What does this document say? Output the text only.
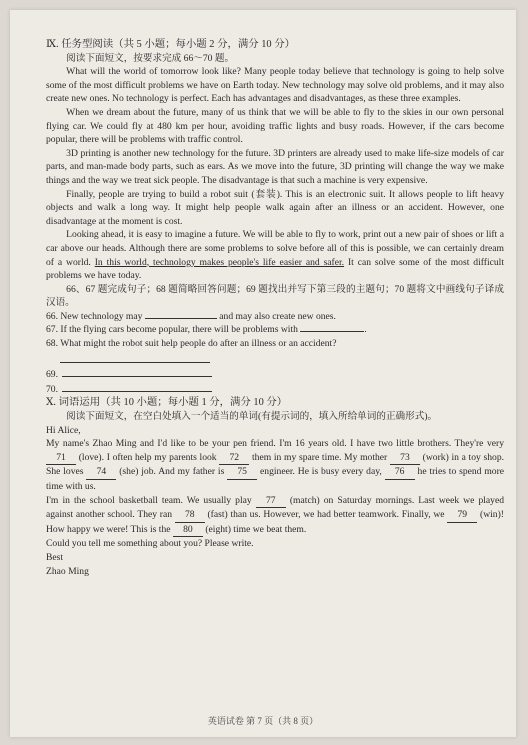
Ⅸ. 任务型阅读（共 5 小题；每小题 2 分，满分 10 分）

阅读下面短文，按要求完成 66～70 题。

What will the world of tomorrow look like? Many people today believe that technology is going to help solve some of the most difficult problems we have on Earth today. New technology may solve old problems, and it may also create new ones. No technology is perfect. Each has advantages and disadvantages, as these three examples.

When we dream about the future, many of us think that we will be able to fly to the skies in our own personal flying car. We could fly at 480 km per hour, avoiding traffic lights and busy roads. However, if the cars become popular, there will be problems with traffic control.

3D printing is another new technology for the future. 3D printers are already used to make life-size models of car parts, and man-made body parts, such as ears. As we move into the future, 3D printing will change the way we make things and the way we treat sick people. The disadvantage is that such a machine is very expensive.

Finally, people are trying to build a robot suit (套装). This is an electronic suit. It allows people to lift heavy objects and walk a long way. It might help people walk again after an illness or an accident. However, one disadvantage at the moment is cost.

Looking ahead, it is easy to imagine a future. We will be able to fly to work, print out a new pair of shoes or lift a car above our heads. Although there are some problems to solve before all of this is possible, we can certainly dream of a world. In this world, technology makes people's life easier and safer. It can solve some of the most difficult problems we have today.

66、67 题完成句子；68 题简略回答问题；69 题找出并写下第三段的主题句；70 题将文中画线句子译成汉语。

66. New technology may	and may also create new ones.

67. If the flying cars become popular, there will be problems with	.

68. What might the robot suit help people do after an illness or an accident?

69.

70.

Ⅹ. 词语运用（共 10 小题；每小题 1 分，满分 10 分）

阅读下面短文，在空白处填入一个适当的单词(有提示词的，填入所给单词的正确形式)。

Hi Alice,

My name's Zhao Ming and I'd like to be your pen friend. I'm 16 years old. I have two little brothers. They're very 71 (love). I often help my parents look 72 them in my spare time. My mother 73 (work) in a toy shop. She loves 74 (she) job. And my father is 75 engineer. He is busy every day, 76 he tries to spend more time with us.

I'm in the school basketball team. We usually play 77 (match) on Saturday mornings. Last week we played against another school. They ran 78 (fast) than us. However, we had better teamwork. Finally, we 79 (win)! How happy we were! This is the 80 (eight) time we beat them.

Could you tell me something about you? Please write.

Best

Zhao Ming

英语试卷 第 7 页（共 8 页）
